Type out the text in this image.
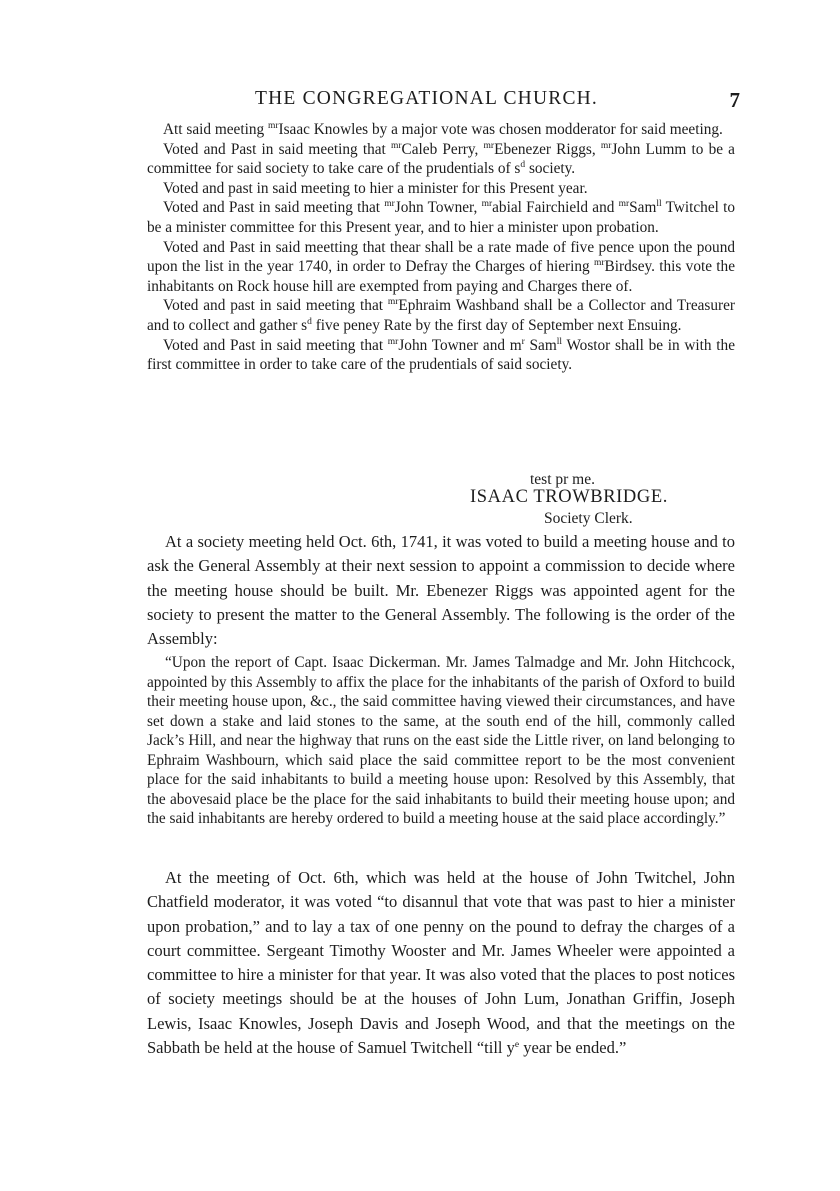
THE CONGREGATIONAL CHURCH.	7

Att said meeting $^{mr}$Isaac Knowles by a major vote was chosen modderator for said meeting.

Voted and Past in said meeting that $^{mr}$Caleb Perry, $^{mr}$Ebenezer Riggs, $^{mr}$John Lumm to be a committee for said society to take care of the prudentials of $s^d$ society.

Voted and past in said meeting to hier a minister for this Present year.

Voted and Past in said meeting that $^{mr}$John Towner, $^{mr}$abial Fairchield and $^{mr}$Sam$^{ll}$ Twitchel to be a minister committee for this Present year, and to hier a minister upon probation.

Voted and Past in said meetting that thear shall be a rate made of five pence upon the pound upon the list in the year 1740, in order to Defray the Charges of hiering $^{mr}$Birdsey. this vote the inhabitants on Rock house hill are exempted from paying and Charges there of.

Voted and past in said meeting that $^{mr}$Ephraim Washband shall be a Collector and Treasurer and to collect and gather $s^d$ five peney Rate by the first day of September next Ensuing.

Voted and Past in said meeting that $^{mr}$John Towner and $m^r$ Sam$^{ll}$ Wostor shall be in with the first committee in order to take care of the prudentials of said society.

test pr me.
ISAAC TROWBRIDGE.
Society Clerk.

At a society meeting held Oct. 6th, 1741, it was voted to build a meeting house and to ask the General Assembly at their next session to appoint a commission to decide where the meeting house should be built. Mr. Ebenezer Riggs was appointed agent for the society to present the matter to the General Assembly. The following is the order of the Assembly:

“Upon the report of Capt. Isaac Dickerman. Mr. James Talmadge and Mr. John Hitchcock, appointed by this Assembly to affix the place for the inhabitants of the parish of Oxford to build their meeting house upon, &c., the said committee having viewed their circumstances, and have set down a stake and laid stones to the same, at the south end of the hill, commonly called Jack’s Hill, and near the highway that runs on the east side the Little river, on land belonging to Ephraim Washbourn, which said place the said committee report to be the most convenient place for the said inhabitants to build a meeting house upon: Resolved by this Assembly, that the abovesaid place be the place for the said inhabitants to build their meeting house upon; and the said inhabitants are hereby ordered to build a meeting house at the said place accordingly.”

At the meeting of Oct. 6th, which was held at the house of John Twitchel, John Chatfield moderator, it was voted “to disannul that vote that was past to hier a minister upon probation,” and to lay a tax of one penny on the pound to defray the charges of a court committee. Sergeant Timothy Wooster and Mr. James Wheeler were appointed a committee to hire a minister for that year. It was also voted that the places to post notices of society meetings should be at the houses of John Lum, Jonathan Griffin, Joseph Lewis, Isaac Knowles, Joseph Davis and Joseph Wood, and that the meetings on the Sabbath be held at the house of Samuel Twitchell “till $y^e$ year be ended.”
